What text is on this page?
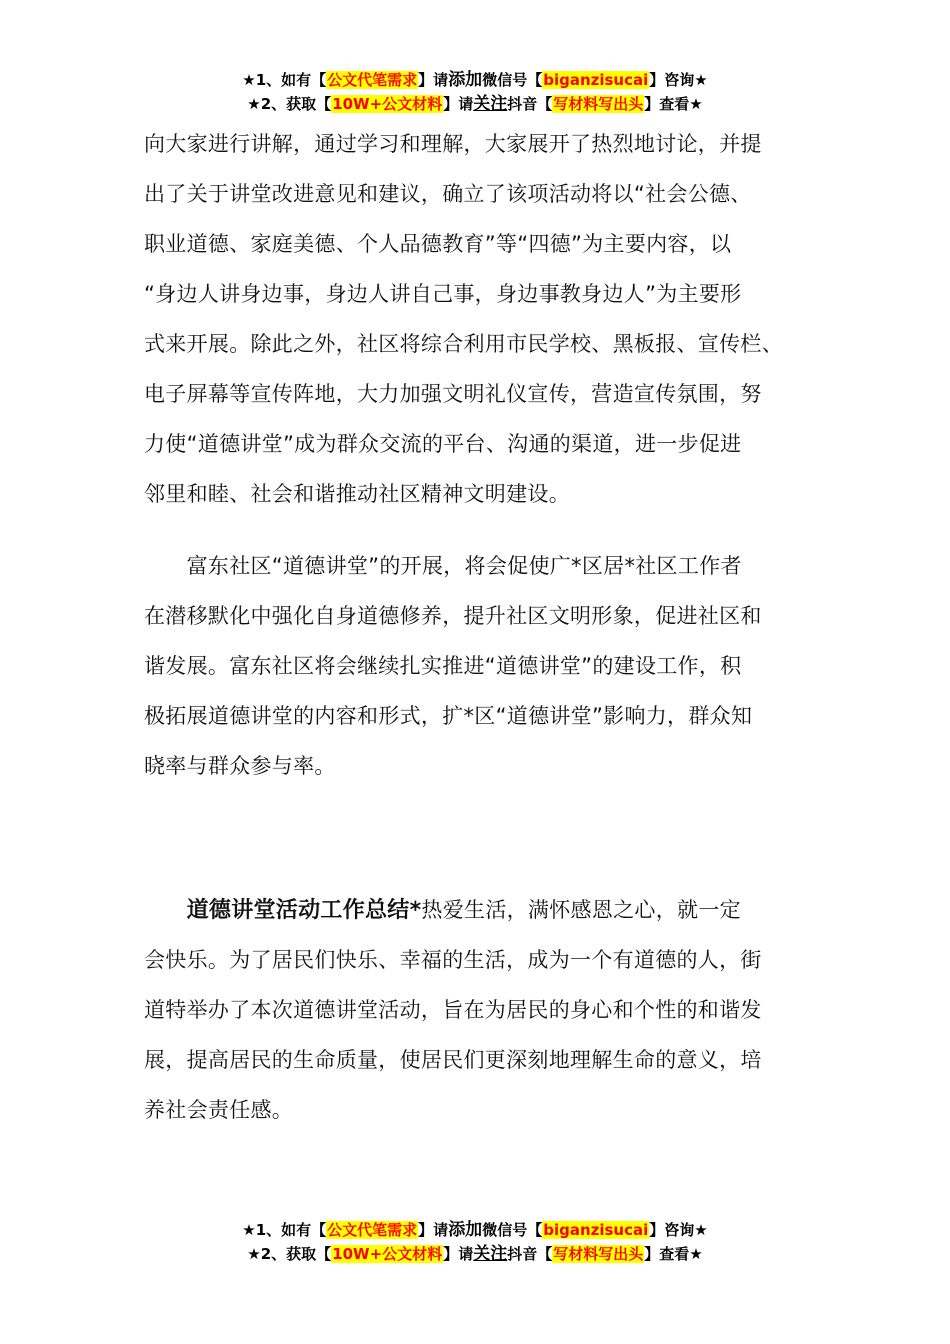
★1、如有【公文代笔需求】请添加微信号【biganzisucai】咨询★
★2、获取【10W+公文材料】请关注抖音【写材料写出头】查看★
向大家进行讲解，通过学习和理解，大家展开了热烈地讨论，并提
出了关于讲堂改进意见和建议，确立了该项活动将以“社会公德、
职业道德、家庭美德、个人品德教育”等“四德”为主要内容，以
“身边人讲身边事，身边人讲自己事，身边事教身边人”为主要形
式来开展。除此之外，社区将综合利用市民学校、黑板报、宣传栏、
电子屏幕等宣传阵地，大力加强文明礼仪宣传，营造宣传氛围，努
力使“道德讲堂”成为群众交流的平台、沟通的渠道，进一步促进
邻里和睦、社会和谐推动社区精神文明建设。
　　富东社区“道德讲堂”的开展，将会促使广*区居*社区工作者
在潜移默化中强化自身道德修养，提升社区文明形象，促进社区和
谐发展。富东社区将会继续扎实推进“道德讲堂”的建设工作，积
极拓展道德讲堂的内容和形式，扩*区“道德讲堂”影响力，群众知
晓率与群众参与率。
　　道德讲堂活动工作总结*热爱生活，满怀感恩之心，就一定
会快乐。为了居民们快乐、幸福的生活，成为一个有道德的人，街
道特举办了本次道德讲堂活动，旨在为居民的身心和个性的和谐发
展，提高居民的生命质量，使居民们更深刻地理解生命的意义，培
养社会责任感。
★1、如有【公文代笔需求】请添加微信号【biganzisucai】咨询★
★2、获取【10W+公文材料】请关注抖音【写材料写出头】查看★
